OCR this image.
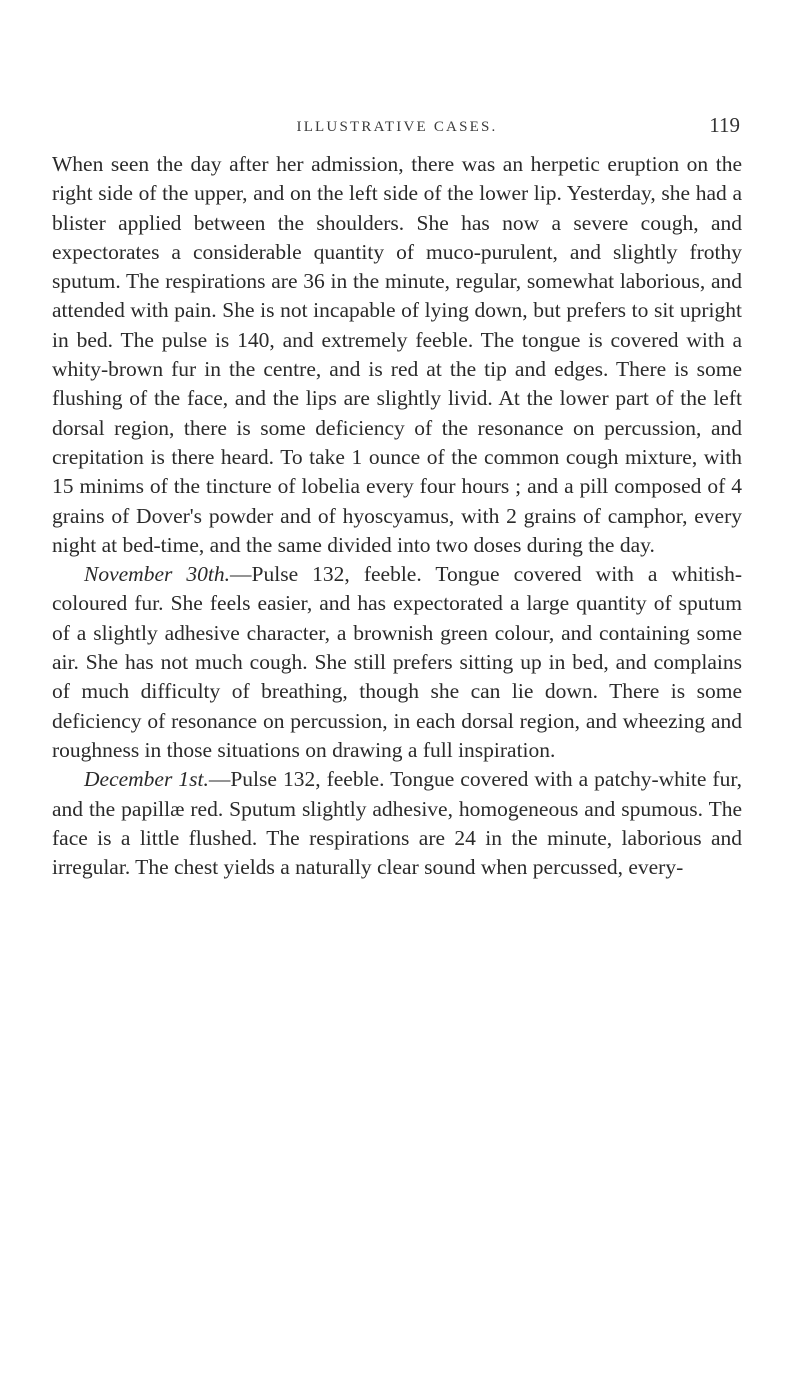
ILLUSTRATIVE CASES.	119

When seen the day after her admission, there was an herpetic eruption on the right side of the upper, and on the left side of the lower lip. Yesterday, she had a blister applied between the shoulders. She has now a severe cough, and expectorates a considerable quantity of muco-purulent, and slightly frothy sputum. The respirations are 36 in the minute, regular, somewhat laborious, and attended with pain. She is not incapable of lying down, but prefers to sit upright in bed. The pulse is 140, and extremely feeble. The tongue is covered with a whity-brown fur in the centre, and is red at the tip and edges. There is some flushing of the face, and the lips are slightly livid. At the lower part of the left dorsal region, there is some deficiency of the resonance on percussion, and crepitation is there heard. To take 1 ounce of the common cough mixture, with 15 minims of the tincture of lobelia every four hours ; and a pill composed of 4 grains of Dover's powder and of hyoscyamus, with 2 grains of camphor, every night at bed-time, and the same divided into two doses during the day.

November 30th.—Pulse 132, feeble. Tongue covered with a whitish-coloured fur. She feels easier, and has expectorated a large quantity of sputum of a slightly adhesive character, a brownish green colour, and containing some air. She has not much cough. She still prefers sitting up in bed, and complains of much difficulty of breathing, though she can lie down. There is some deficiency of resonance on percussion, in each dorsal region, and wheezing and roughness in those situations on drawing a full inspiration.

December 1st.—Pulse 132, feeble. Tongue covered with a patchy-white fur, and the papillæ red. Sputum slightly adhesive, homogeneous and spumous. The face is a little flushed. The respirations are 24 in the minute, laborious and irregular. The chest yields a naturally clear sound when percussed, every-
